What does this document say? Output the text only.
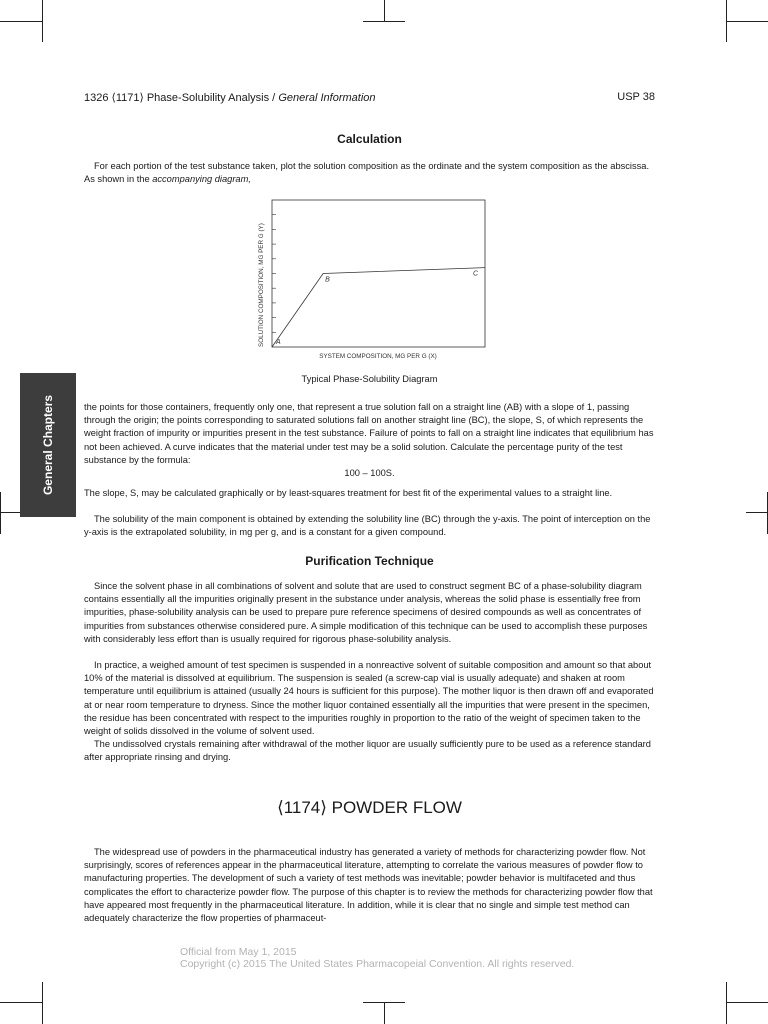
1326 ⟨1171⟩ Phase-Solubility Analysis / General Information	USP 38
General Chapters
Calculation

For each portion of the test substance taken, plot the solution composition as the ordinate and the system composition as the abscissa. As shown in the accompanying diagram,

A
B
C
SOLUTION COMPOSITION, MG PER G (Y)
SYSTEM COMPOSITION, MG PER G (X)
Typical Phase-Solubility Diagram

the points for those containers, frequently only one, that represent a true solution fall on a straight line (AB) with a slope of 1, passing through the origin; the points corresponding to saturated solutions fall on another straight line (BC), the slope, S, of which represents the weight fraction of impurity or impurities present in the test substance. Failure of points to fall on a straight line indicates that equilibrium has not been achieved. A curve indicates that the material under test may be a solid solution. Calculate the percentage purity of the test substance by the formula:

100 – 100S.

The slope, S, may be calculated graphically or by least-squares treatment for best fit of the experimental values to a straight line.

The solubility of the main component is obtained by extending the solubility line (BC) through the y-axis. The point of interception on the y-axis is the extrapolated solubility, in mg per g, and is a constant for a given compound.

Purification Technique

Since the solvent phase in all combinations of solvent and solute that are used to construct segment BC of a phase-solubility diagram contains essentially all the impurities originally present in the substance under analysis, whereas the solid phase is essentially free from impurities, phase-solubility analysis can be used to prepare pure reference specimens of desired compounds as well as concentrates of impurities from substances otherwise considered pure. A simple modification of this technique can be used to accomplish these purposes with considerably less effort than is usually required for rigorous phase-solubility analysis.

In practice, a weighed amount of test specimen is suspended in a nonreactive solvent of suitable composition and amount so that about 10% of the material is dissolved at equilibrium. The suspension is sealed (a screw-cap vial is usually adequate) and shaken at room temperature until equilibrium is attained (usually 24 hours is sufficient for this purpose). The mother liquor is then drawn off and evaporated at or near room temperature to dryness. Since the mother liquor contained essentially all the impurities that were present in the specimen, the residue has been concentrated with respect to the impurities roughly in proportion to the ratio of the weight of specimen taken to the weight of solids dissolved in the volume of solvent used.

The undissolved crystals remaining after withdrawal of the mother liquor are usually sufficiently pure to be used as a reference standard after appropriate rinsing and drying.

⟨1174⟩ POWDER FLOW

The widespread use of powders in the pharmaceutical industry has generated a variety of methods for characterizing powder flow. Not surprisingly, scores of references appear in the pharmaceutical literature, attempting to correlate the various measures of powder flow to manufacturing properties. The development of such a variety of test methods was inevitable; powder behavior is multifaceted and thus complicates the effort to characterize powder flow. The purpose of this chapter is to review the methods for characterizing powder flow that have appeared most frequently in the pharmaceutical literature. In addition, while it is clear that no single and simple test method can adequately characterize the flow properties of pharmaceut-

Official from May 1, 2015
Copyright (c) 2015 The United States Pharmacopeial Convention. All rights reserved.
